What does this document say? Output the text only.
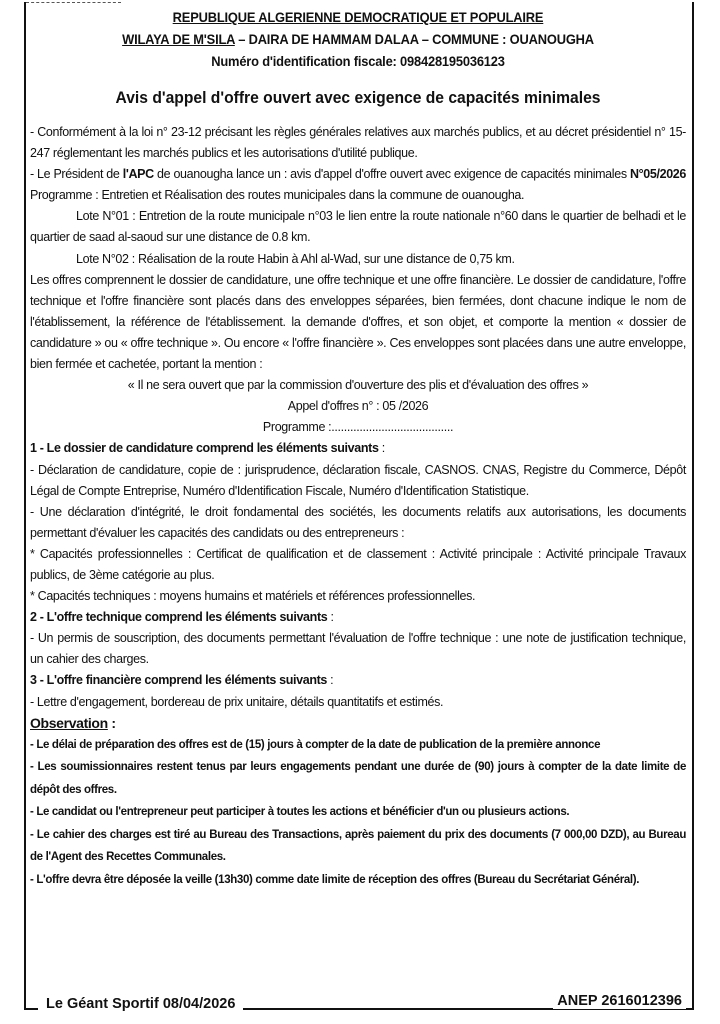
REPUBLIQUE ALGERIENNE DEMOCRATIQUE ET POPULAIRE
WILAYA DE M'SILA – DAIRA DE HAMMAM DALAA – COMMUNE : OUANOUGHA
Numéro d'identification fiscale: 098428195036123
Avis d'appel d'offre ouvert avec exigence de capacités minimales

- Conformément à la loi n° 23-12 précisant les règles générales relatives aux marchés publics, et au décret présidentiel n° 15-247 réglementant les marchés publics et les autorisations d'utilité publique.

- Le Président de l'APC de ouanougha lance un : avis d'appel d'offre ouvert avec exigence de capacités minimales N°05/2026 Programme : Entretien et Réalisation des routes municipales dans la commune de ouanougha.

Lote N°01 : Entretion de la route municipale n°03 le lien entre la route nationale n°60 dans le quartier de belhadi et le quartier de saad al-saoud sur une distance de 0.8 km.

Lote N°02 : Réalisation de la route Habin à Ahl al-Wad, sur une distance de 0,75 km.

Les offres comprennent le dossier de candidature, une offre technique et une offre financière. Le dossier de candidature, l'offre technique et l'offre financière sont placés dans des enveloppes séparées, bien fermées, dont chacune indique le nom de l'établissement, la référence de l'établissement. la demande d'offres, et son objet, et comporte la mention « dossier de candidature » ou « offre technique ». Ou encore « l'offre financière ». Ces enveloppes sont placées dans une autre enveloppe, bien fermée et cachetée, portant la mention :

« Il ne sera ouvert que par la commission d'ouverture des plis et d'évaluation des offres »

Appel d'offres n° : 05 /2026

Programme :.......................................

1 - Le dossier de candidature comprend les éléments suivants :

- Déclaration de candidature, copie de : jurisprudence, déclaration fiscale, CASNOS. CNAS, Registre du Commerce, Dépôt Légal de Compte Entreprise, Numéro d'Identification Fiscale, Numéro d'Identification Statistique.

- Une déclaration d'intégrité, le droit fondamental des sociétés, les documents relatifs aux autorisations, les documents permettant d'évaluer les capacités des candidats ou des entrepreneurs :

* Capacités professionnelles : Certificat de qualification et de classement : Activité principale : Activité principale Travaux publics, de 3ème catégorie au plus.

* Capacités techniques : moyens humains et matériels et références professionnelles.

2 - L'offre technique comprend les éléments suivants :

- Un permis de souscription, des documents permettant l'évaluation de l'offre technique : une note de justification technique, un cahier des charges.

3 - L'offre financière comprend les éléments suivants :

- Lettre d'engagement, bordereau de prix unitaire, détails quantitatifs et estimés.

Observation :

- Le délai de préparation des offres est de (15) jours à compter de la date de publication de la première annonce

- Les soumissionnaires restent tenus par leurs engagements pendant une durée de (90) jours à compter de la date limite de dépôt des offres.

- Le candidat ou l'entrepreneur peut participer à toutes les actions et bénéficier d'un ou plusieurs actions.

- Le cahier des charges est tiré au Bureau des Transactions, après paiement du prix des documents (7 000,00 DZD), au Bureau de l'Agent des Recettes Communales.

- L'offre devra être déposée la veille (13h30) comme date limite de réception des offres (Bureau du Secrétariat Général).

Le Géant Sportif 08/04/2026	ANEP 2616012396
